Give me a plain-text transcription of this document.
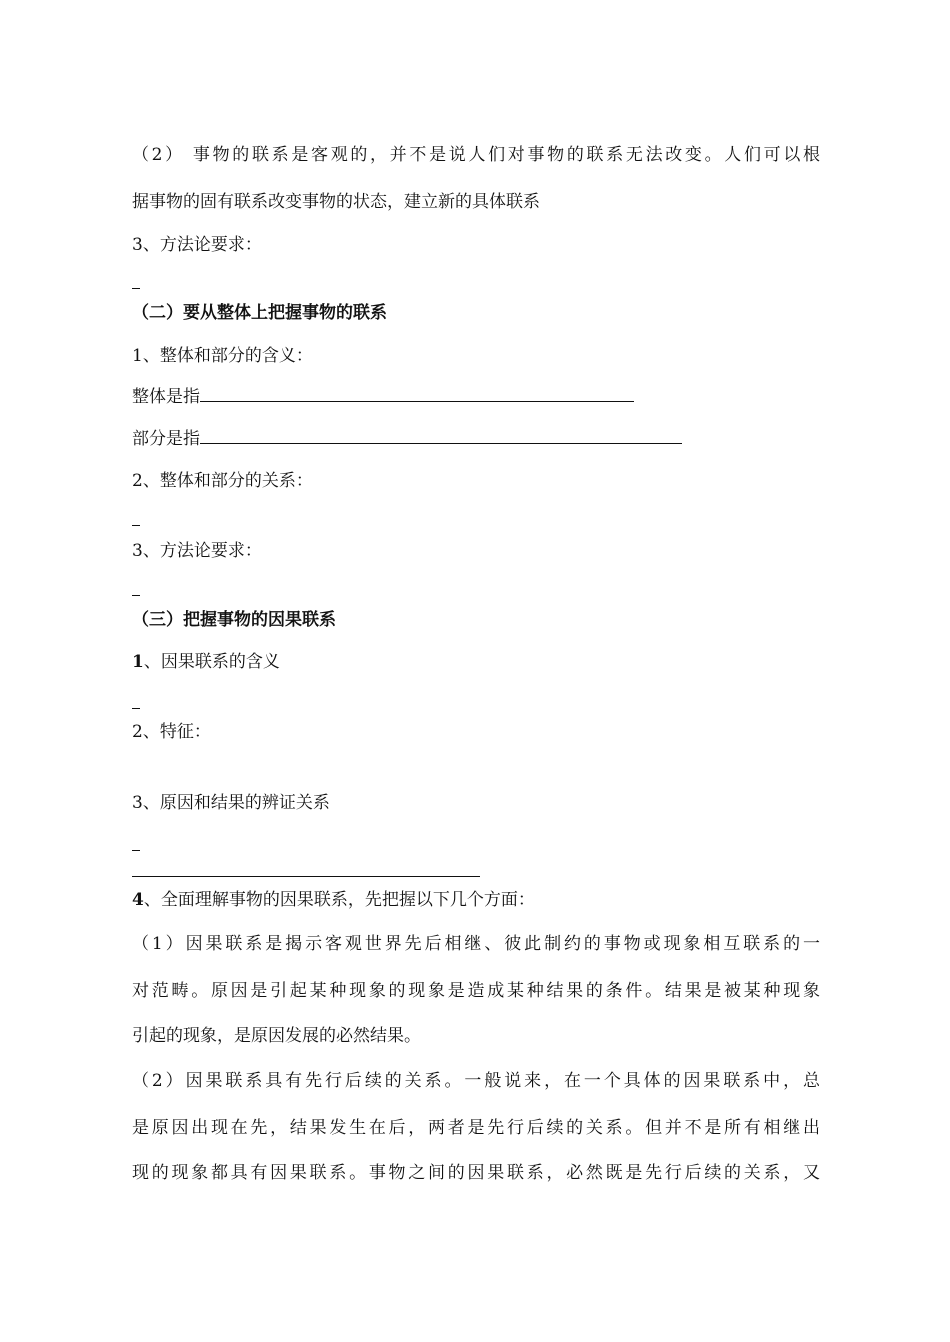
（2） 事物的联系是客观的，并不是说人们对事物的联系无法改变。人们可以根
据事物的固有联系改变事物的状态，建立新的具体联系
3、方法论要求：
（二）要从整体上把握事物的联系
1、整体和部分的含义：
整体是指
部分是指
2、整体和部分的关系：
3、方法论要求：
（三）把握事物的因果联系
1、因果联系的含义
2、特征：
3、原因和结果的辨证关系
4、全面理解事物的因果联系，先把握以下几个方面：
（1）因果联系是揭示客观世界先后相继、彼此制约的事物或现象相互联系的一
对范畴。原因是引起某种现象的现象是造成某种结果的条件。结果是被某种现象
引起的现象，是原因发展的必然结果。
（2）因果联系具有先行后续的关系。一般说来，在一个具体的因果联系中，总
是原因出现在先，结果发生在后，两者是先行后续的关系。但并不是所有相继出
现的现象都具有因果联系。事物之间的因果联系，必然既是先行后续的关系，又
